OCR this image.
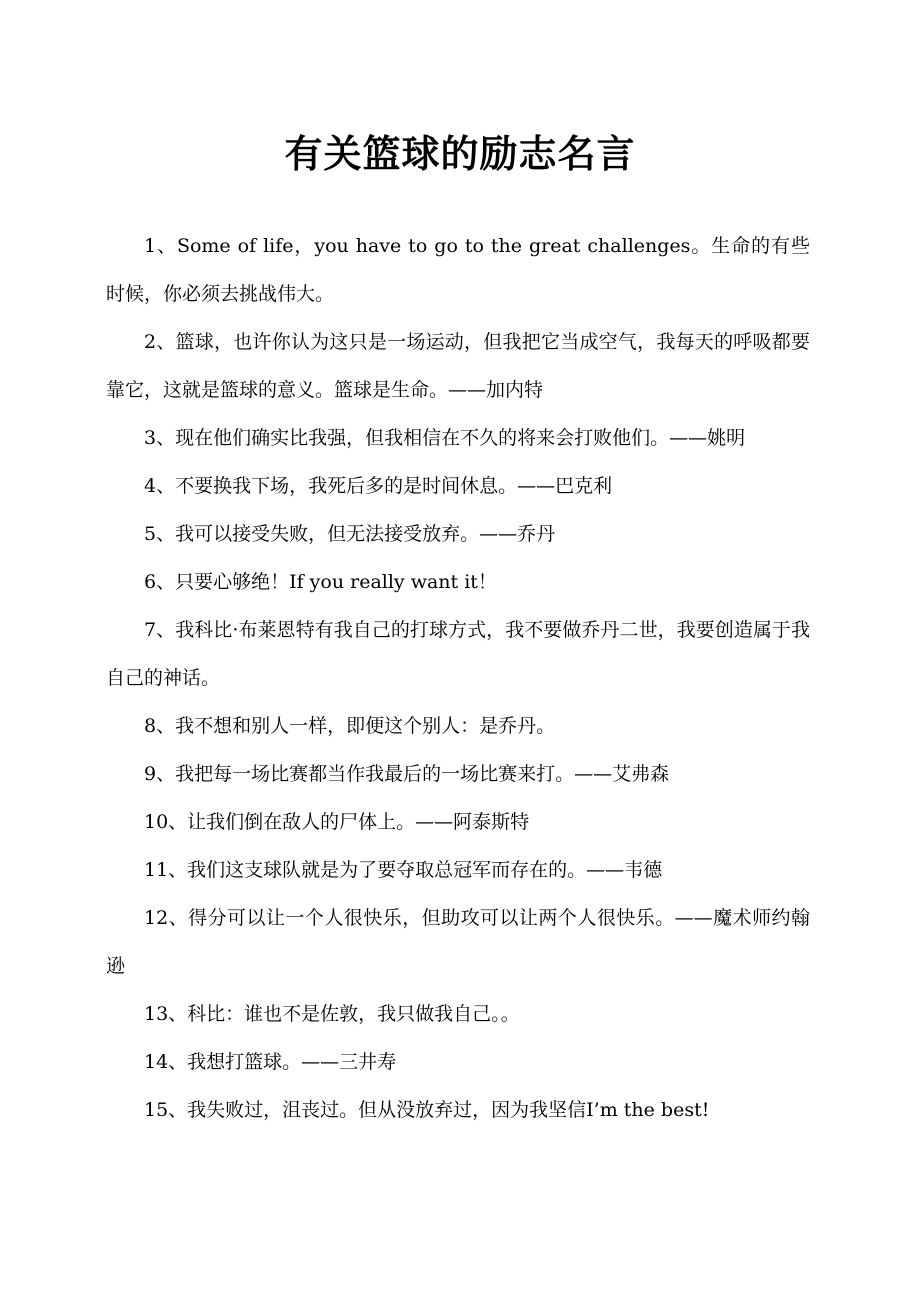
有关篮球的励志名言

1、Some of life，you have to go to the great challenges。生命的有些时候，你必须去挑战伟大。

2、篮球，也许你认为这只是一场运动，但我把它当成空气，我每天的呼吸都要靠它，这就是篮球的意义。篮球是生命。——加内特

3、现在他们确实比我强，但我相信在不久的将来会打败他们。——姚明

4、不要换我下场，我死后多的是时间休息。——巴克利

5、我可以接受失败，但无法接受放弃。——乔丹

6、只要心够绝！If you really want it！

7、我科比·布莱恩特有我自己的打球方式，我不要做乔丹二世，我要创造属于我自己的神话。

8、我不想和别人一样，即便这个别人：是乔丹。

9、我把每一场比赛都当作我最后的一场比赛来打。——艾弗森

10、让我们倒在敌人的尸体上。——阿泰斯特

11、我们这支球队就是为了要夺取总冠军而存在的。——韦德

12、得分可以让一个人很快乐，但助攻可以让两个人很快乐。——魔术师约翰逊

13、科比：谁也不是佐敦，我只做我自己。。

14、我想打篮球。——三井寿

15、我失败过，沮丧过。但从没放弃过，因为我坚信I’m the best!
